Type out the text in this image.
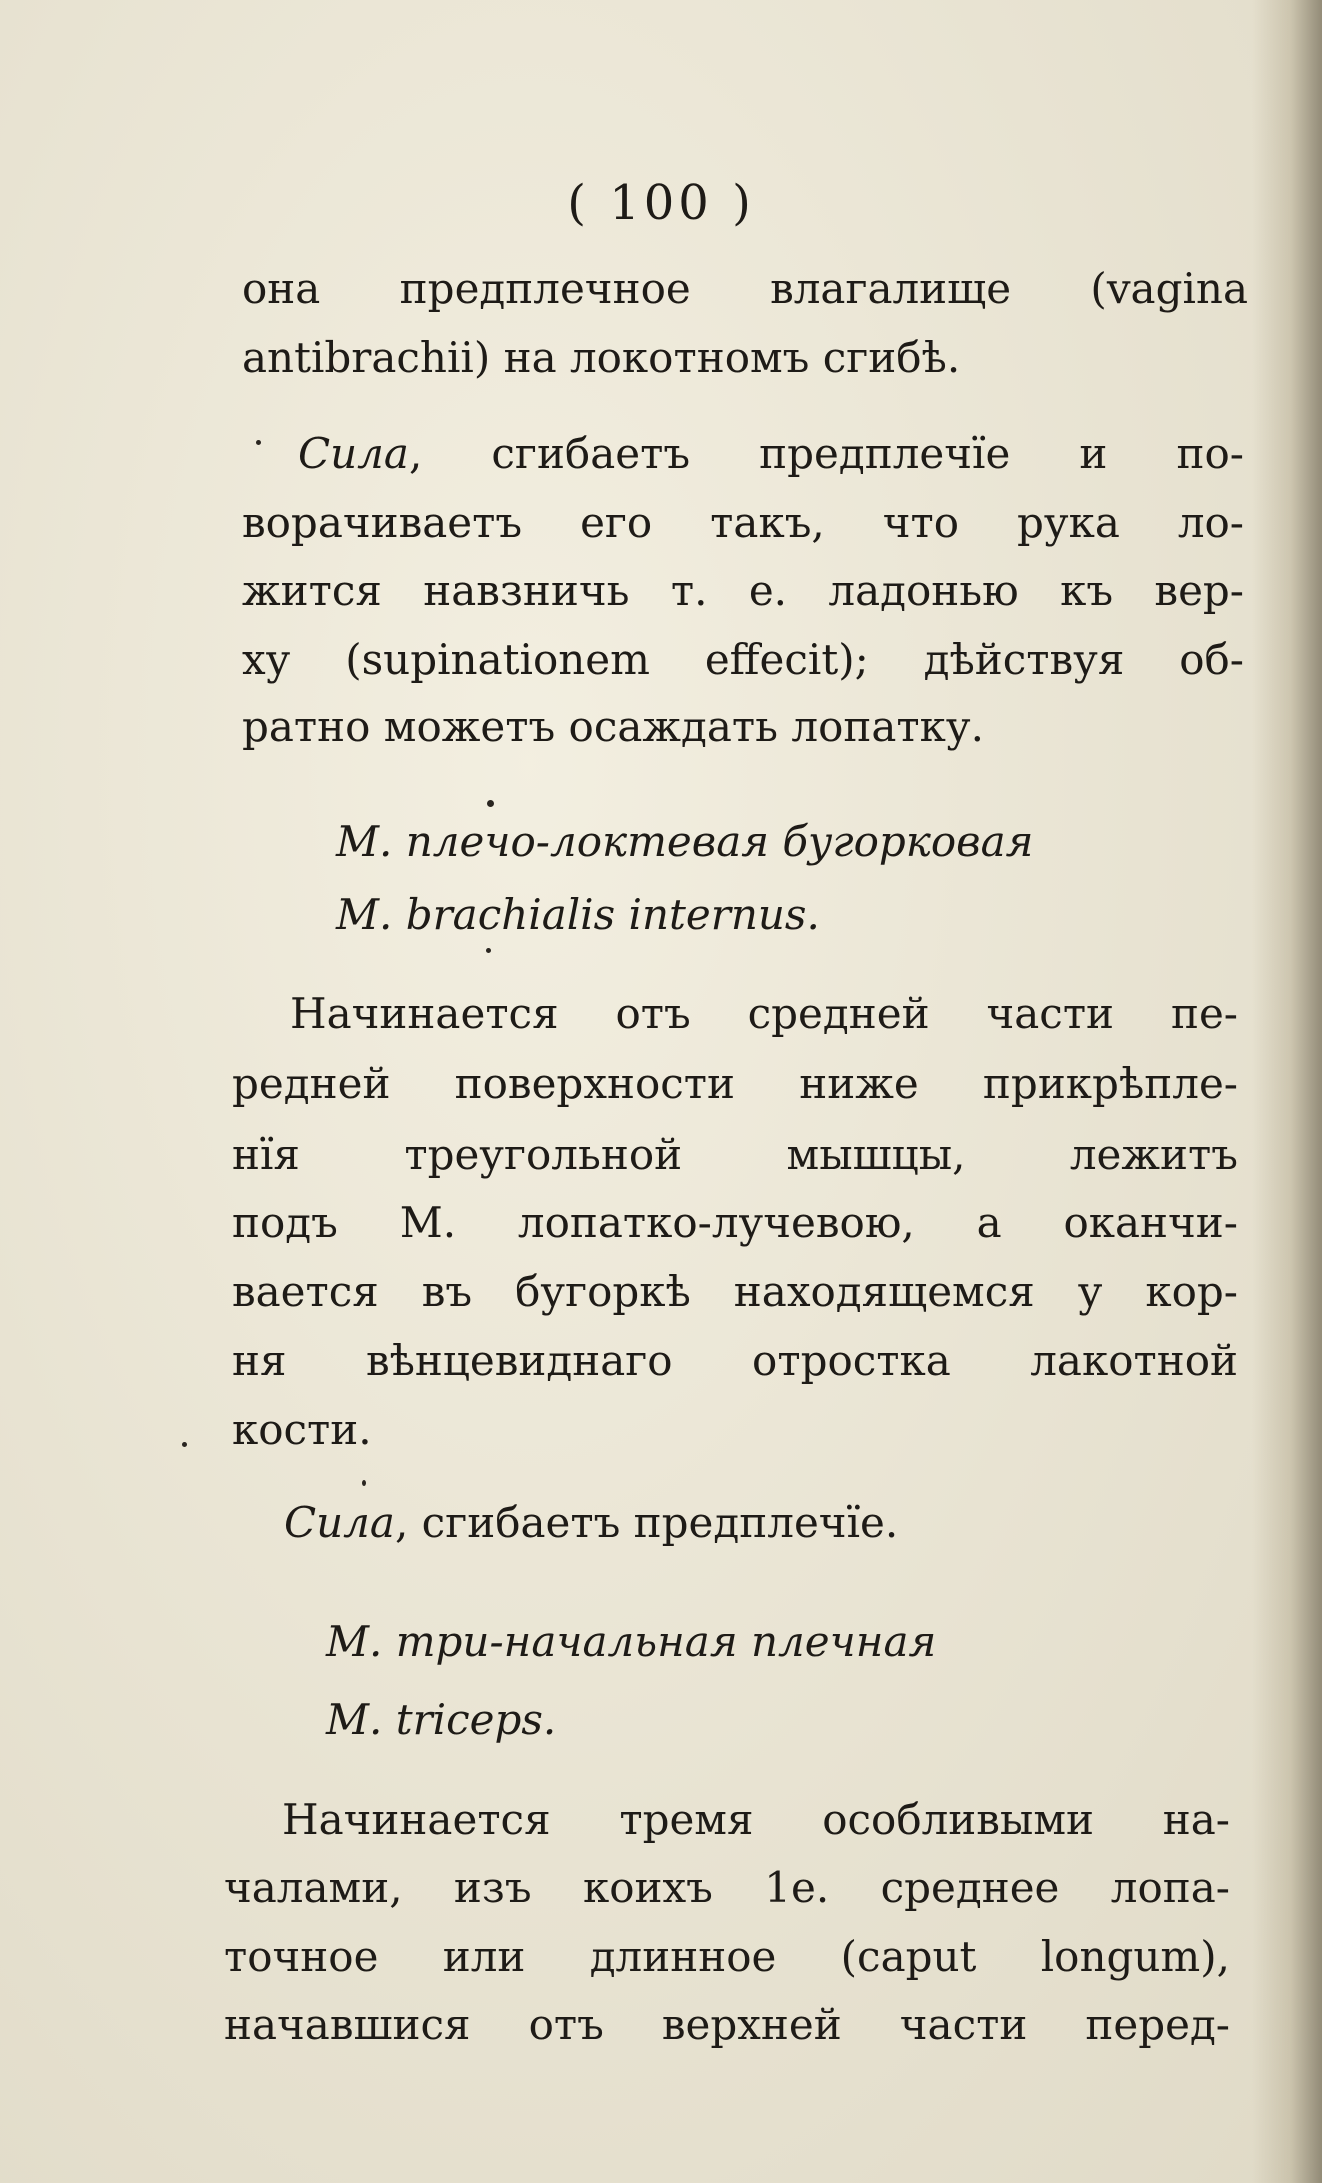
( 100 )
она предплечное влагалище (vagina
antibrachii) на локотномъ сгибѣ.
Сила, сгибаетъ предплечїе и по-
ворачиваетъ его такъ, что рука ло-
жится навзничь т. е. ладонью къ вер-
ху (supinationem effecit); дѣйствуя об-
ратно можетъ осаждать лопатку.
М. плечо-локтевая бугорковая
M. brachialis internus.
Начинается отъ средней части пе-
редней поверхности ниже прикрѣпле-
нїя треугольной мышцы, лежитъ
подъ М. лопатко-лучевою, а оканчи-
вается въ бугоркѣ находящемся у кор-
ня вѣнцевиднаго отростка лакотной
кости.
Сила, сгибаетъ предплечїе.
М. три-начальная плечная
M. triceps.
Начинается тремя особливыми на-
чалами, изъ коихъ 1е. среднее лопа-
точное или длинное (caput longum),
начавшися отъ верхней части перед-
